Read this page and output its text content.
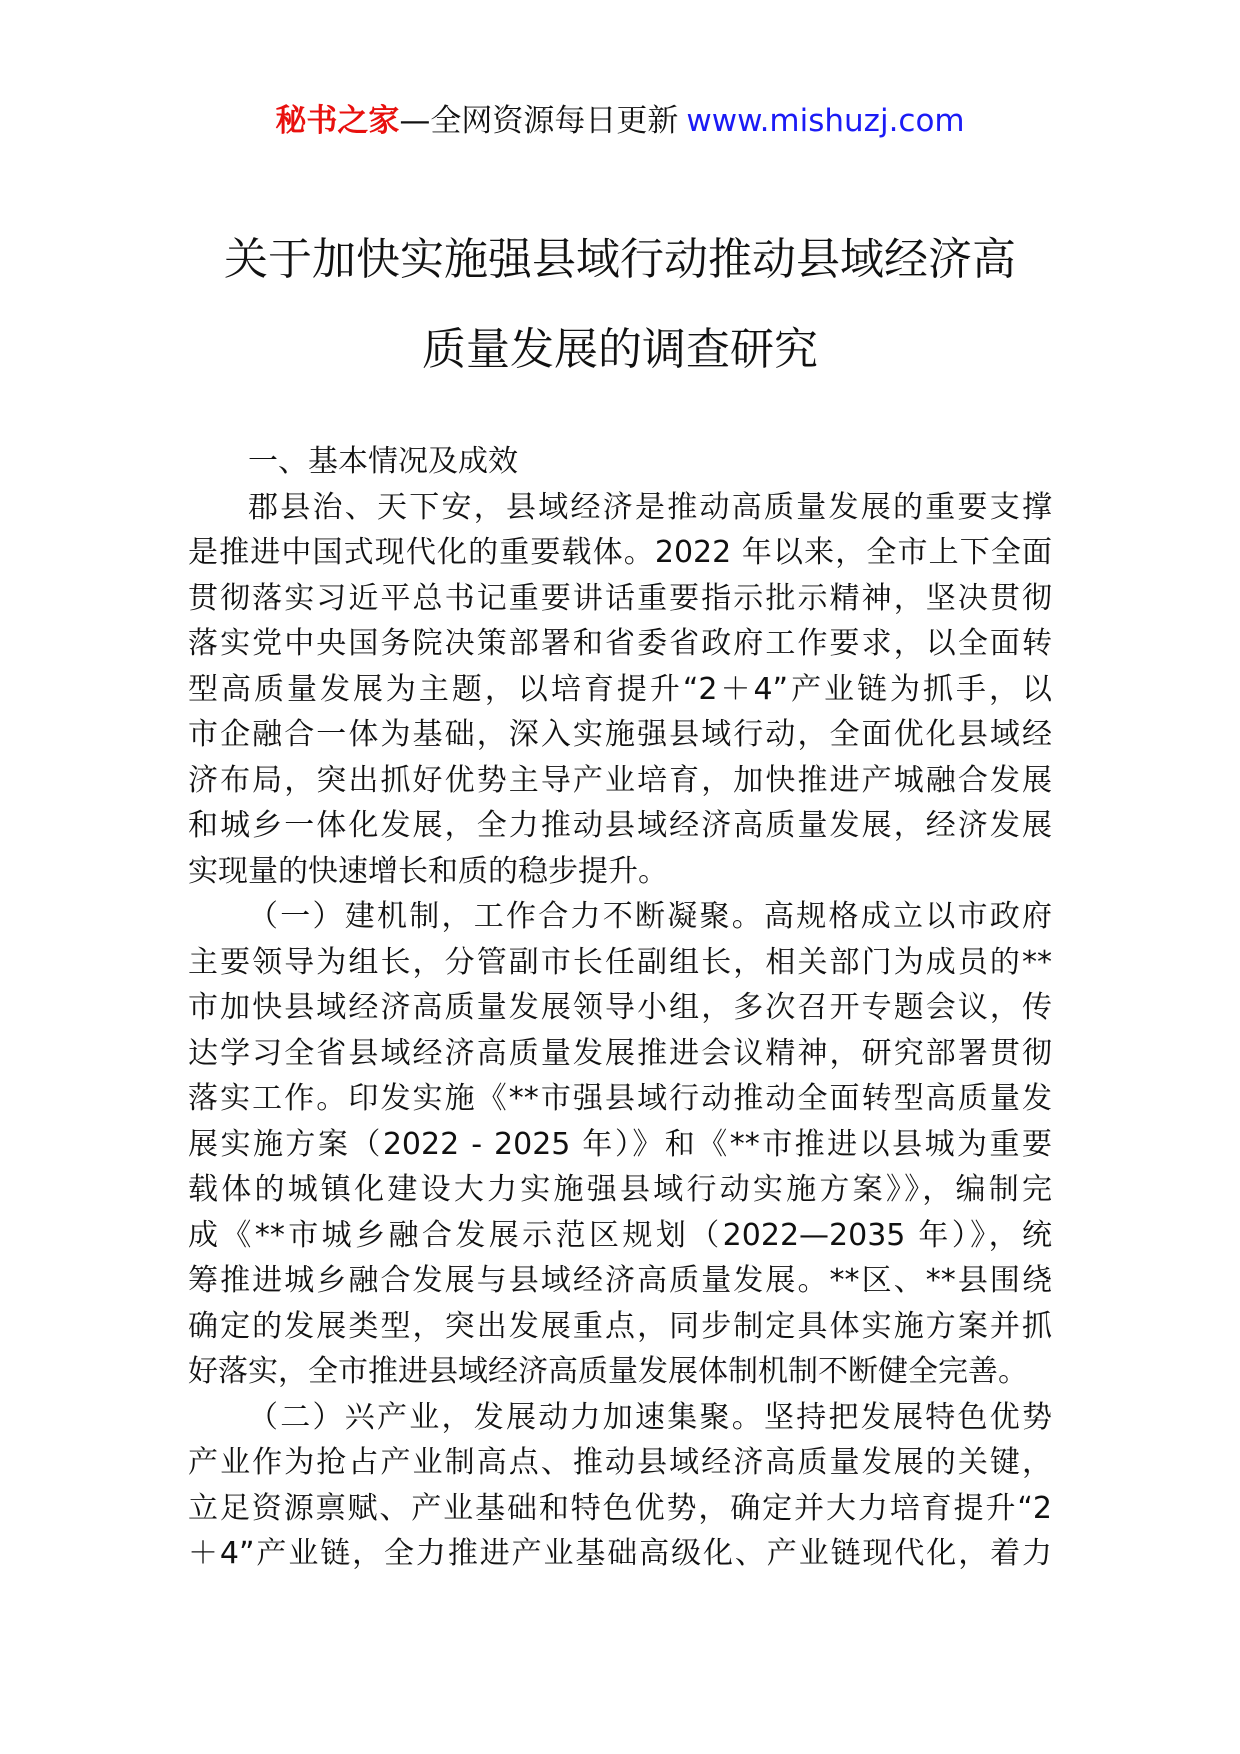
秘书之家—全网资源每日更新 www.mishuzj.com
关于加快实施强县域行动推动县域经济高
质量发展的调查研究
一、基本情况及成效
郡县治、天下安，县域经济是推动高质量发展的重要支撑
是推进中国式现代化的重要载体。2022 年以来，全市上下全面
贯彻落实习近平总书记重要讲话重要指示批示精神，坚决贯彻
落实党中央国务院决策部署和省委省政府工作要求，以全面转
型高质量发展为主题，以培育提升“2＋4”产业链为抓手，以
市企融合一体为基础，深入实施强县域行动，全面优化县域经
济布局，突出抓好优势主导产业培育，加快推进产城融合发展
和城乡一体化发展，全力推动县域经济高质量发展，经济发展
实现量的快速增长和质的稳步提升。
（一）建机制，工作合力不断凝聚。高规格成立以市政府
主要领导为组长，分管副市长任副组长，相关部门为成员的**
市加快县域经济高质量发展领导小组，多次召开专题会议，传
达学习全省县域经济高质量发展推进会议精神，研究部署贯彻
落实工作。印发实施《**市强县域行动推动全面转型高质量发
展实施方案（2022 - 2025 年）》和《**市推进以县城为重要
载体的城镇化建设大力实施强县域行动实施方案》》，编制完
成《**市城乡融合发展示范区规划（2022—2035 年）》，统
筹推进城乡融合发展与县域经济高质量发展。**区、**县围绕
确定的发展类型，突出发展重点，同步制定具体实施方案并抓
好落实，全市推进县域经济高质量发展体制机制不断健全完善。
（二）兴产业，发展动力加速集聚。坚持把发展特色优势
产业作为抢占产业制高点、推动县域经济高质量发展的关键，
立足资源禀赋、产业基础和特色优势，确定并大力培育提升“2
＋4”产业链，全力推进产业基础高级化、产业链现代化，着力
